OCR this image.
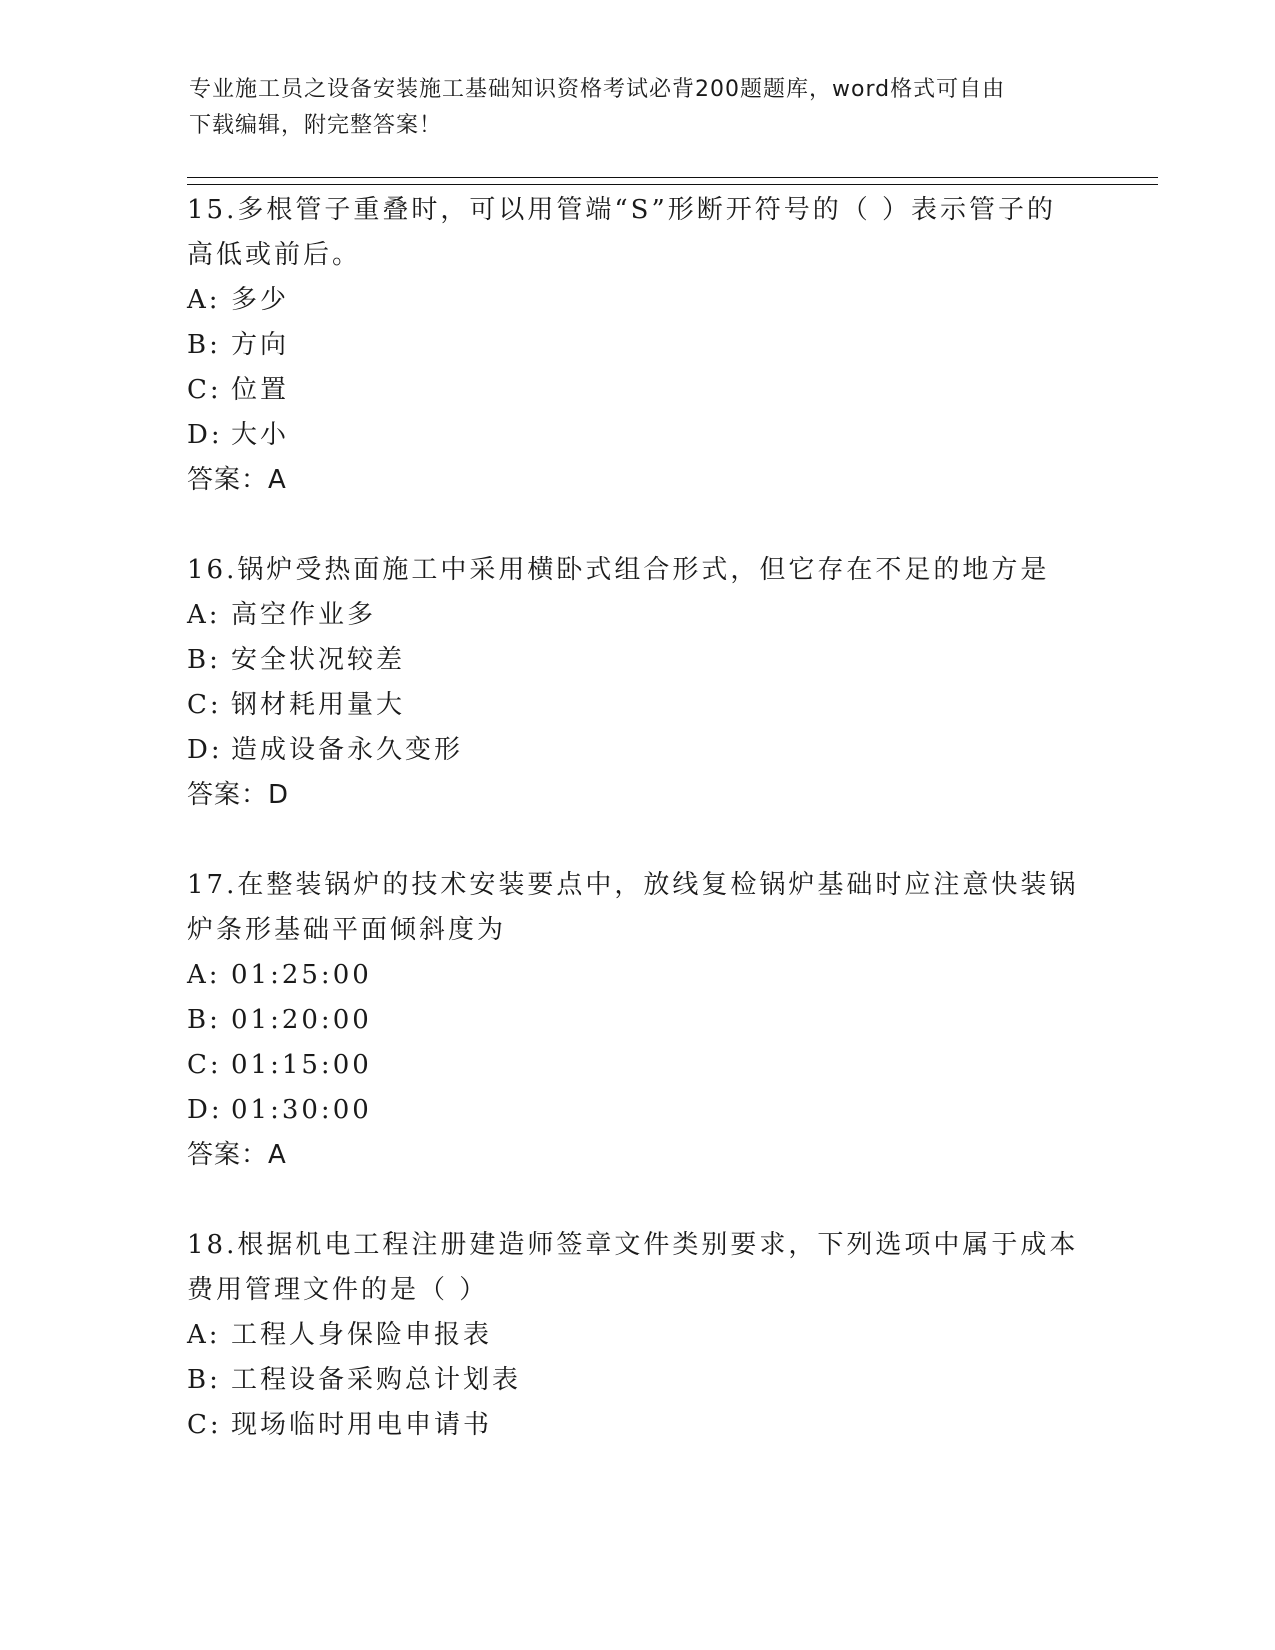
专业施工员之设备安装施工基础知识资格考试必背200题题库，word格式可自由
下载编辑，附完整答案！
15.多根管子重叠时，可以用管端“S”形断开符号的（ ）表示管子的
高低或前后。
A: 多少
B: 方向
C: 位置
D: 大小
答案：A
16.锅炉受热面施工中采用横卧式组合形式，但它存在不足的地方是
A: 高空作业多
B: 安全状况较差
C: 钢材耗用量大
D: 造成设备永久变形
答案：D
17.在整装锅炉的技术安装要点中，放线复检锅炉基础时应注意快装锅
炉条形基础平面倾斜度为
A: 01:25:00
B: 01:20:00
C: 01:15:00
D: 01:30:00
答案：A
18.根据机电工程注册建造师签章文件类别要求，下列选项中属于成本
费用管理文件的是（ ）
A: 工程人身保险申报表
B: 工程设备采购总计划表
C: 现场临时用电申请书
